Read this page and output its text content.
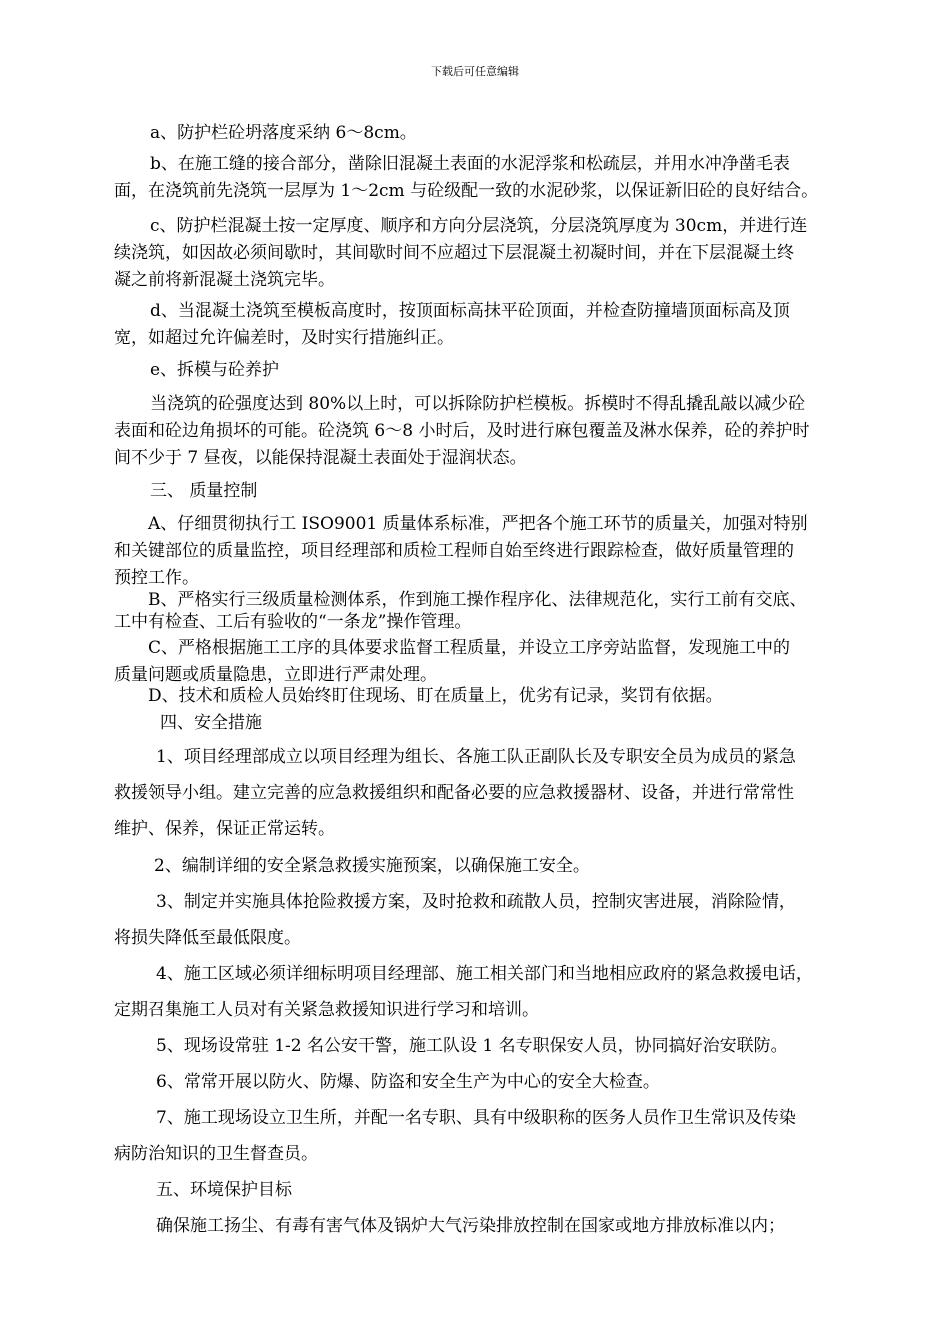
下载后可任意编辑
a、防护栏砼坍落度采纳 6～8cm。
b、在施工缝的接合部分，凿除旧混凝土表面的水泥浮浆和松疏层，并用水冲净凿毛表
面，在浇筑前先浇筑一层厚为 1～2cm 与砼级配一致的水泥砂浆，以保证新旧砼的良好结合。
c、防护栏混凝土按一定厚度、顺序和方向分层浇筑，分层浇筑厚度为 30cm，并进行连
续浇筑，如因故必须间歇时，其间歇时间不应超过下层混凝土初凝时间，并在下层混凝土终
凝之前将新混凝土浇筑完毕。
d、当混凝土浇筑至模板高度时，按顶面标高抹平砼顶面，并检查防撞墙顶面标高及顶
宽，如超过允许偏差时，及时实行措施纠正。
e、拆模与砼养护
当浇筑的砼强度达到 80%以上时，可以拆除防护栏模板。拆模时不得乱撬乱敲以减少砼
表面和砼边角损坏的可能。砼浇筑 6～8 小时后，及时进行麻包覆盖及淋水保养，砼的养护时
间不少于 7 昼夜，以能保持混凝土表面处于湿润状态。
三、 质量控制
A、仔细贯彻执行工 ISO9001 质量体系标准，严把各个施工环节的质量关，加强对特别
和关键部位的质量监控，项目经理部和质检工程师自始至终进行跟踪检查，做好质量管理的
预控工作。
B、严格实行三级质量检测体系，作到施工操作程序化、法律规范化，实行工前有交底、
工中有检查、工后有验收的“一条龙”操作管理。
C、严格根据施工工序的具体要求监督工程质量，并设立工序旁站监督，发现施工中的
质量问题或质量隐患，立即进行严肃处理。
D、技术和质检人员始终盯住现场、盯在质量上，优劣有记录，奖罚有依据。
四、安全措施
1、项目经理部成立以项目经理为组长、各施工队正副队长及专职安全员为成员的紧急
救援领导小组。建立完善的应急救援组织和配备必要的应急救援器材、设备，并进行常常性
维护、保养，保证正常运转。
2、编制详细的安全紧急救援实施预案，以确保施工安全。
3、制定并实施具体抢险救援方案，及时抢救和疏散人员，控制灾害进展，消除险情，
将损失降低至最低限度。
4、施工区域必须详细标明项目经理部、施工相关部门和当地相应政府的紧急救援电话，
定期召集施工人员对有关紧急救援知识进行学习和培训。
5、现场设常驻 1-2 名公安干警，施工队设 1 名专职保安人员，协同搞好治安联防。
6、常常开展以防火、防爆、防盗和安全生产为中心的安全大检查。
7、施工现场设立卫生所，并配一名专职、具有中级职称的医务人员作卫生常识及传染
病防治知识的卫生督查员。
五、环境保护目标
确保施工扬尘、有毒有害气体及锅炉大气污染排放控制在国家或地方排放标准以内；
